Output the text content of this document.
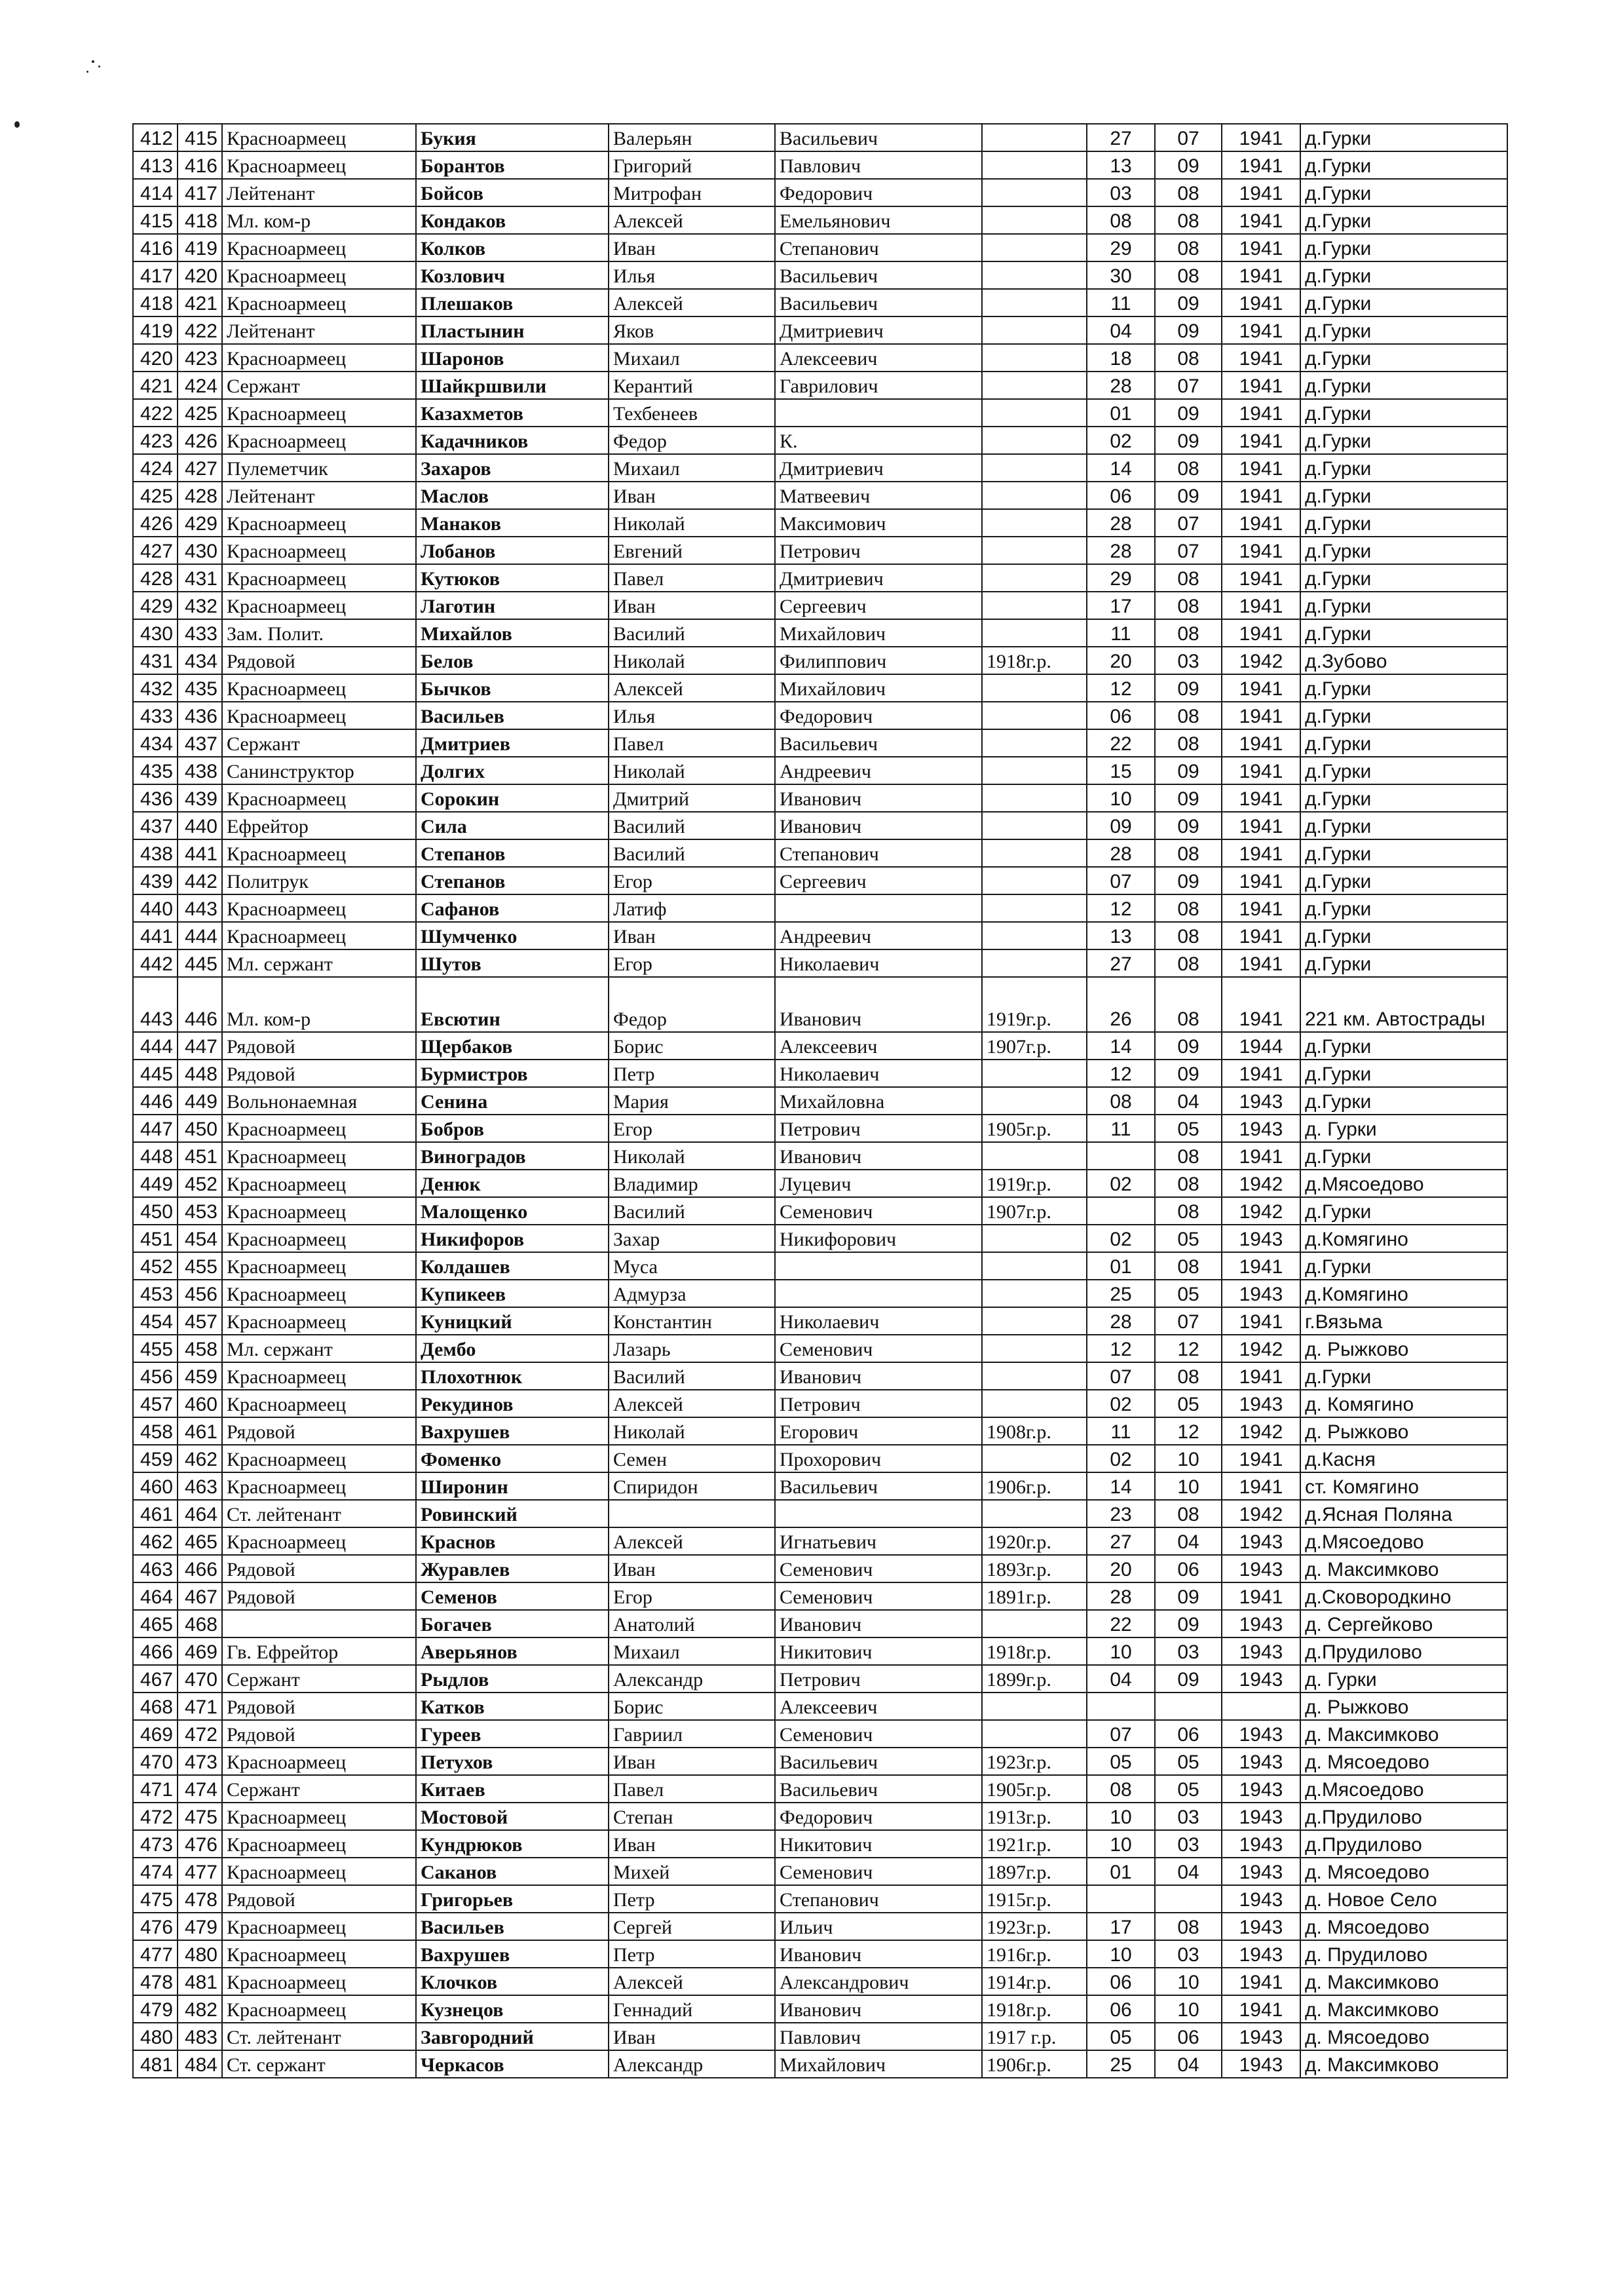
412	415	Красноармеец	Букия	Валерьян	Васильевич		27	07	1941	д.Гурки
413	416	Красноармеец	Борантов	Григорий	Павлович		13	09	1941	д.Гурки
414	417	Лейтенант	Бойсов	Митрофан	Федорович		03	08	1941	д.Гурки
415	418	Мл. ком-р	Кондаков	Алексей	Емельянович		08	08	1941	д.Гурки
416	419	Красноармеец	Колков	Иван	Степанович		29	08	1941	д.Гурки
417	420	Красноармеец	Козлович	Илья	Васильевич		30	08	1941	д.Гурки
418	421	Красноармеец	Плешаков	Алексей	Васильевич		11	09	1941	д.Гурки
419	422	Лейтенант	Пластынин	Яков	Дмитриевич		04	09	1941	д.Гурки
420	423	Красноармеец	Шаронов	Михаил	Алексеевич		18	08	1941	д.Гурки
421	424	Сержант	Шайкршвили	Керантий	Гаврилович		28	07	1941	д.Гурки
422	425	Красноармеец	Казахметов	Техбенеев			01	09	1941	д.Гурки
423	426	Красноармеец	Кадачников	Федор	К.		02	09	1941	д.Гурки
424	427	Пулеметчик	Захаров	Михаил	Дмитриевич		14	08	1941	д.Гурки
425	428	Лейтенант	Маслов	Иван	Матвеевич		06	09	1941	д.Гурки
426	429	Красноармеец	Манаков	Николай	Максимович		28	07	1941	д.Гурки
427	430	Красноармеец	Лобанов	Евгений	Петрович		28	07	1941	д.Гурки
428	431	Красноармеец	Кутюков	Павел	Дмитриевич		29	08	1941	д.Гурки
429	432	Красноармеец	Лаготин	Иван	Сергеевич		17	08	1941	д.Гурки
430	433	Зам. Полит.	Михайлов	Василий	Михайлович		11	08	1941	д.Гурки
431	434	Рядовой	Белов	Николай	Филиппович	1918г.р.	20	03	1942	д.Зубово
432	435	Красноармеец	Бычков	Алексей	Михайлович		12	09	1941	д.Гурки
433	436	Красноармеец	Васильев	Илья	Федорович		06	08	1941	д.Гурки
434	437	Сержант	Дмитриев	Павел	Васильевич		22	08	1941	д.Гурки
435	438	Санинструктор	Долгих	Николай	Андреевич		15	09	1941	д.Гурки
436	439	Красноармеец	Сорокин	Дмитрий	Иванович		10	09	1941	д.Гурки
437	440	Ефрейтор	Сила	Василий	Иванович		09	09	1941	д.Гурки
438	441	Красноармеец	Степанов	Василий	Степанович		28	08	1941	д.Гурки
439	442	Политрук	Степанов	Егор	Сергеевич		07	09	1941	д.Гурки
440	443	Красноармеец	Сафанов	Латиф			12	08	1941	д.Гурки
441	444	Красноармеец	Шумченко	Иван	Андреевич		13	08	1941	д.Гурки
442	445	Мл. сержант	Шутов	Егор	Николаевич		27	08	1941	д.Гурки
443	446	Мл. ком-р	Евсютин	Федор	Иванович	1919г.р.	26	08	1941	221 км. Автострады
444	447	Рядовой	Щербаков	Борис	Алексеевич	1907г.р.	14	09	1944	д.Гурки
445	448	Рядовой	Бурмистров	Петр	Николаевич		12	09	1941	д.Гурки
446	449	Вольнонаемная	Сенина	Мария	Михайловна		08	04	1943	д.Гурки
447	450	Красноармеец	Бобров	Егор	Петрович	1905г.р.	11	05	1943	д. Гурки
448	451	Красноармеец	Виноградов	Николай	Иванович			08	1941	д.Гурки
449	452	Красноармеец	Денюк	Владимир	Луцевич	1919г.р.	02	08	1942	д.Мясоедово
450	453	Красноармеец	Малощенко	Василий	Семенович	1907г.р.		08	1942	д.Гурки
451	454	Красноармеец	Никифоров	Захар	Никифорович		02	05	1943	д.Комягино
452	455	Красноармеец	Колдашев	Муса			01	08	1941	д.Гурки
453	456	Красноармеец	Купикеев	Адмурза			25	05	1943	д.Комягино
454	457	Красноармеец	Куницкий	Константин	Николаевич		28	07	1941	г.Вязьма
455	458	Мл. сержант	Дембо	Лазарь	Семенович		12	12	1942	д. Рыжково
456	459	Красноармеец	Плохотнюк	Василий	Иванович		07	08	1941	д.Гурки
457	460	Красноармеец	Рекудинов	Алексей	Петрович		02	05	1943	д. Комягино
458	461	Рядовой	Вахрушев	Николай	Егорович	1908г.р.	11	12	1942	д. Рыжково
459	462	Красноармеец	Фоменко	Семен	Прохорович		02	10	1941	д.Касня
460	463	Красноармеец	Широнин	Спиридон	Васильевич	1906г.р.	14	10	1941	ст. Комягино
461	464	Ст. лейтенант	Ровинский				23	08	1942	д.Ясная Поляна
462	465	Красноармеец	Краснов	Алексей	Игнатьевич	1920г.р.	27	04	1943	д.Мясоедово
463	466	Рядовой	Журавлев	Иван	Семенович	1893г.р.	20	06	1943	д. Максимково
464	467	Рядовой	Семенов	Егор	Семенович	1891г.р.	28	09	1941	д.Сковородкино
465	468		Богачев	Анатолий	Иванович		22	09	1943	д. Сергейково
466	469	Гв. Ефрейтор	Аверьянов	Михаил	Никитович	1918г.р.	10	03	1943	д.Прудилово
467	470	Сержант	Рыдлов	Александр	Петрович	1899г.р.	04	09	1943	д. Гурки
468	471	Рядовой	Катков	Борис	Алексеевич					д. Рыжково
469	472	Рядовой	Гуреев	Гавриил	Семенович		07	06	1943	д. Максимково
470	473	Красноармеец	Петухов	Иван	Васильевич	1923г.р.	05	05	1943	д. Мясоедово
471	474	Сержант	Китаев	Павел	Васильевич	1905г.р.	08	05	1943	д.Мясоедово
472	475	Красноармеец	Мостовой	Степан	Федорович	1913г.р.	10	03	1943	д.Прудилово
473	476	Красноармеец	Кундрюков	Иван	Никитович	1921г.р.	10	03	1943	д.Прудилово
474	477	Красноармеец	Саканов	Михей	Семенович	1897г.р.	01	04	1943	д. Мясоедово
475	478	Рядовой	Григорьев	Петр	Степанович	1915г.р.			1943	д. Новое Село
476	479	Красноармеец	Васильев	Сергей	Ильич	1923г.р.	17	08	1943	д. Мясоедово
477	480	Красноармеец	Вахрушев	Петр	Иванович	1916г.р.	10	03	1943	д. Прудилово
478	481	Красноармеец	Клочков	Алексей	Александрович	1914г.р.	06	10	1941	д. Максимково
479	482	Красноармеец	Кузнецов	Геннадий	Иванович	1918г.р.	06	10	1941	д. Максимково
480	483	Ст. лейтенант	Завгородний	Иван	Павлович	1917 г.р.	05	06	1943	д. Мясоедово
481	484	Ст. сержант	Черкасов	Александр	Михайлович	1906г.р.	25	04	1943	д. Максимково
